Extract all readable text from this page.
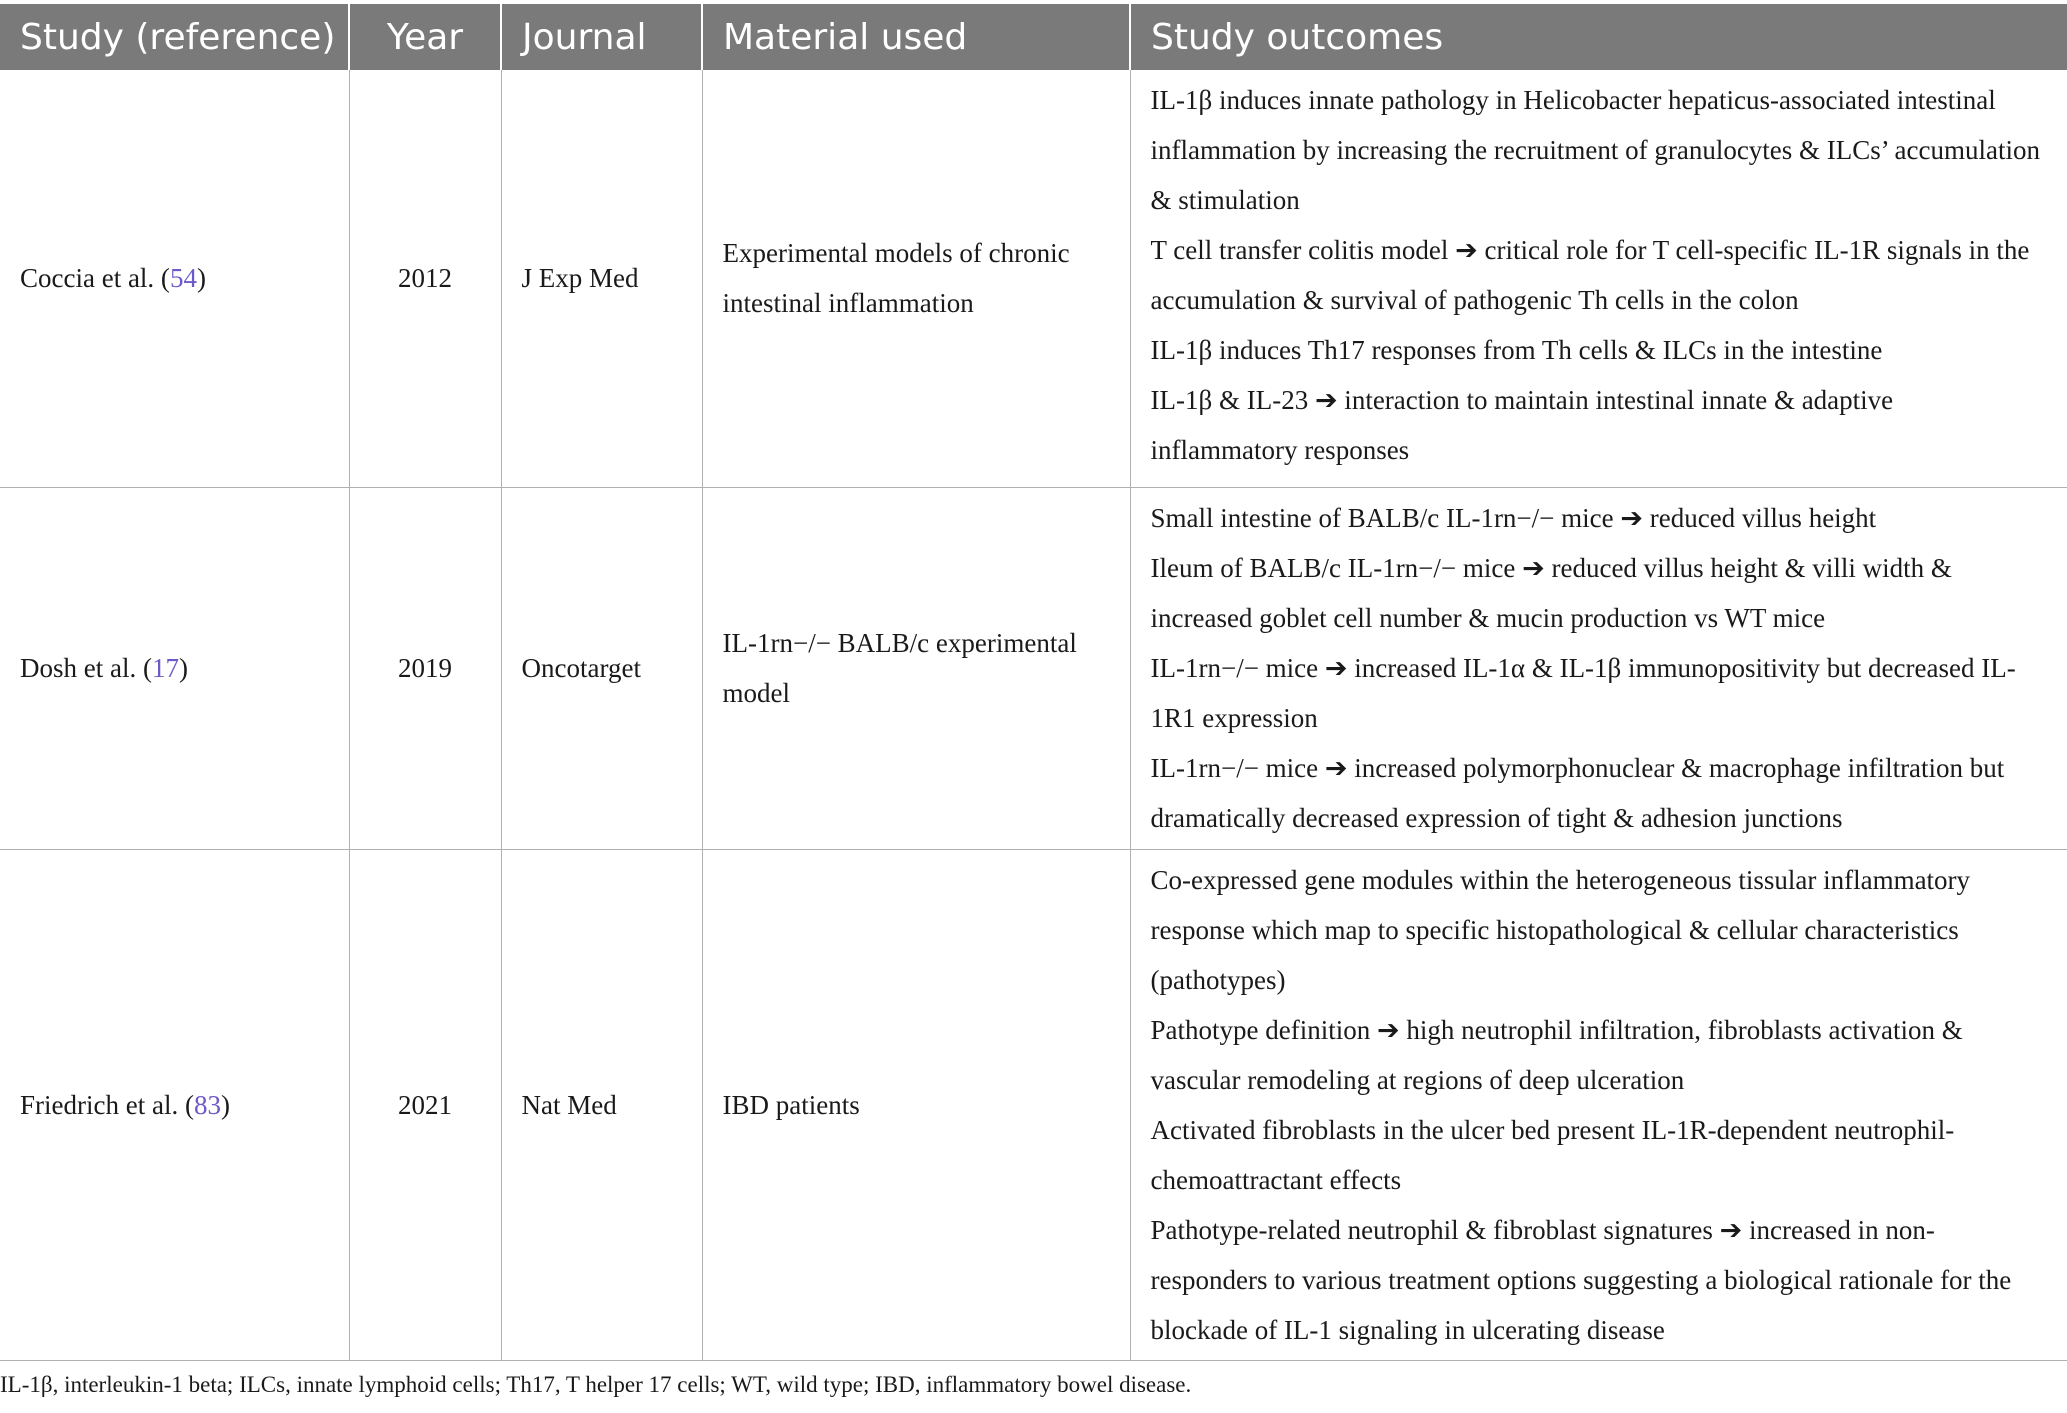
Study (reference)	Year	Journal	Material used	Study outcomes
Coccia et al. (54)	2012	J Exp Med	Experimental models of chronic intestinal inflammation	IL-1β induces innate pathology in Helicobacter hepaticus-associated intestinal inflammation by increasing the recruitment of granulocytes & ILCs’ accumulation & stimulation
T cell transfer colitis model ➔ critical role for T cell-specific IL-1R signals in the accumulation & survival of pathogenic Th cells in the colon
IL-1β induces Th17 responses from Th cells & ILCs in the intestine
IL-1β & IL-23 ➔ interaction to maintain intestinal innate & adaptive inflammatory responses

Dosh et al. (17)	2019	Oncotarget	IL-1rn−/− BALB/c experimental model	Small intestine of BALB/c IL-1rn−/− mice ➔ reduced villus height
Ileum of BALB/c IL-1rn−/− mice ➔ reduced villus height & villi width & increased goblet cell number & mucin production vs WT mice
IL-1rn−/− mice ➔ increased IL-1α & IL-1β immunopositivity but decreased IL-1R1 expression
IL-1rn−/− mice ➔ increased polymorphonuclear & macrophage infiltration but dramatically decreased expression of tight & adhesion junctions

Friedrich et al. (83)	2021	Nat Med	IBD patients	Co-expressed gene modules within the heterogeneous tissular inflammatory response which map to specific histopathological & cellular characteristics (pathotypes)
Pathotype definition ➔ high neutrophil infiltration, fibroblasts activation & vascular remodeling at regions of deep ulceration
Activated fibroblasts in the ulcer bed present IL-1R-dependent neutrophil-chemoattractant effects
Pathotype-related neutrophil & fibroblast signatures ➔ increased in non-responders to various treatment options suggesting a biological rationale for the blockade of IL-1 signaling in ulcerating disease
IL-1β, interleukin-1 beta; ILCs, innate lymphoid cells; Th17, T helper 17 cells; WT, wild type; IBD, inflammatory bowel disease.
